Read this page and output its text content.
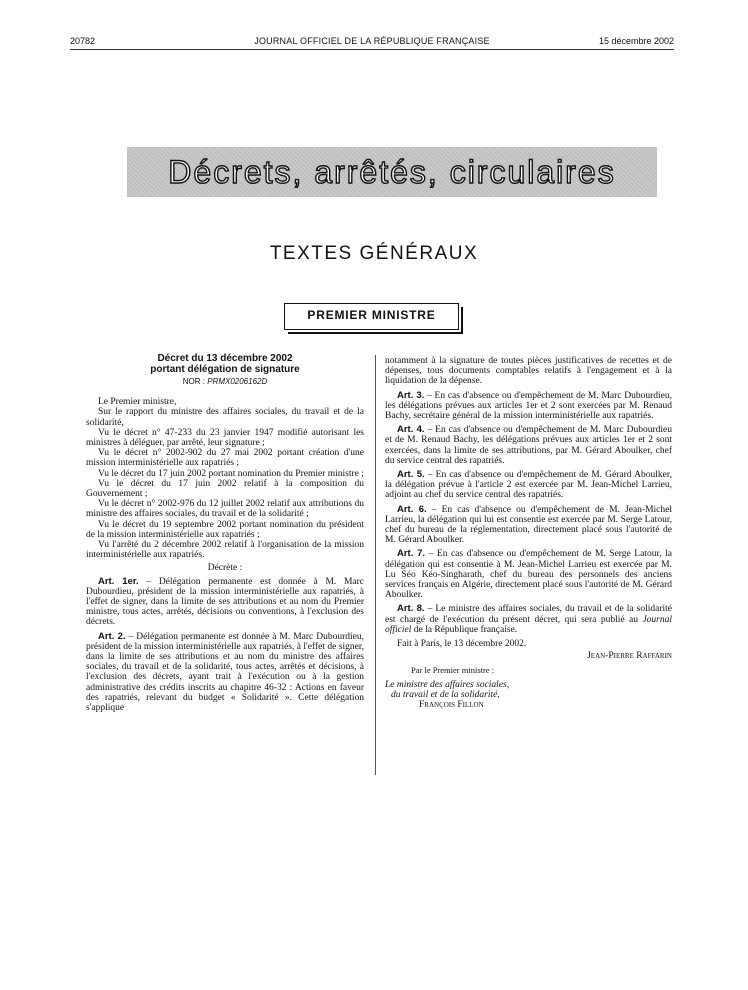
20782	JOURNAL OFFICIEL DE LA RÉPUBLIQUE FRANÇAISE	15 décembre 2002
Décrets, arrêtés, circulaires
TEXTES GÉNÉRAUX
PREMIER MINISTRE

Décret du 13 décembre 2002

portant délégation de signature

NOR : PRMX0206162D

Le Premier ministre,

Sur le rapport du ministre des affaires sociales, du travail et de la solidarité,

Vu le décret n° 47-233 du 23 janvier 1947 modifié autorisant les ministres à déléguer, par arrêté, leur signature ;

Vu le décret n° 2002-902 du 27 mai 2002 portant création d'une mission interministérielle aux rapatriés ;

Vu le décret du 17 juin 2002 portant nomination du Premier ministre ;

Vu le décret du 17 juin 2002 relatif à la composition du Gouvernement ;

Vu le décret n° 2002-976 du 12 juillet 2002 relatif aux attributions du ministre des affaires sociales, du travail et de la solidarité ;

Vu le décret du 19 septembre 2002 portant nomination du président de la mission interministérielle aux rapatriés ;

Vu l'arrêté du 2 décembre 2002 relatif à l'organisation de la mission interministérielle aux rapatriés.

Décrète :

Art. 1er. – Délégation permanente est donnée à M. Marc Dubourdieu, président de la mission interministérielle aux rapatriés, à l'effet de signer, dans la limite de ses attributions et au nom du Premier ministre, tous actes, arrêtés, décisions ou conventions, à l'exclusion des décrets.

Art. 2. – Délégation permanente est donnée à M. Marc Dubourdieu, président de la mission interministérielle aux rapatriés, à l'effet de signer, dans la limite de ses attributions et au nom du ministre des affaires sociales, du travail et de la solidarité, tous actes, arrêtés et décisions, à l'exclusion des décrets, ayant trait à l'exécution ou à la gestion administrative des crédits inscrits au chapitre 46-32 : Actions en faveur des rapatriés, relevant du budget « Solidarité ». Cette délégation s'applique

notamment à la signature de toutes pièces justificatives de recettes et de dépenses, tous documents comptables relatifs à l'engagement et à la liquidation de la dépense.

Art. 3. – En cas d'absence ou d'empêchement de M. Marc Dubourdieu, les délégations prévues aux articles 1er et 2 sont exercées par M. Renaud Bachy, secrétaire général de la mission interministérielle aux rapatriés.

Art. 4. – En cas d'absence ou d'empêchement de M. Marc Dubourdieu et de M. Renaud Bachy, les délégations prévues aux articles 1er et 2 sont exercées, dans la limite de ses attributions, par M. Gérard Aboulker, chef du service central des rapatriés.

Art. 5. – En cas d'absence ou d'empêchement de M. Gérard Aboulker, la délégation prévue à l'article 2 est exercée par M. Jean-Michel Larrieu, adjoint au chef du service central des rapatriés.

Art. 6. – En cas d'absence ou d'empêchement de M. Jean-Michel Larrieu, la délégation qui lui est consentie est exercée par M. Serge Latour, chef du bureau de la réglementation, directement placé sous l'autorité de M. Gérard Aboulker.

Art. 7. – En cas d'absence ou d'empêchement de M. Serge Latour, la délégation qui est consentie à M. Jean-Michel Larrieu est exercée par M. Lu Séo Kéo-Singharath, chef du bureau des personnels des anciens services français en Algérie, directement placé sous l'autorité de M. Gérard Aboulker.

Art. 8. – Le ministre des affaires sociales, du travail et de la solidarité est chargé de l'exécution du présent décret, qui sera publié au Journal officiel de la République française.

Fait à Paris, le 13 décembre 2002.

Jean-Pierre Raffarin

Par le Premier ministre :

Le ministre des affaires sociales,
du travail et de la solidarité,
François Fillon
